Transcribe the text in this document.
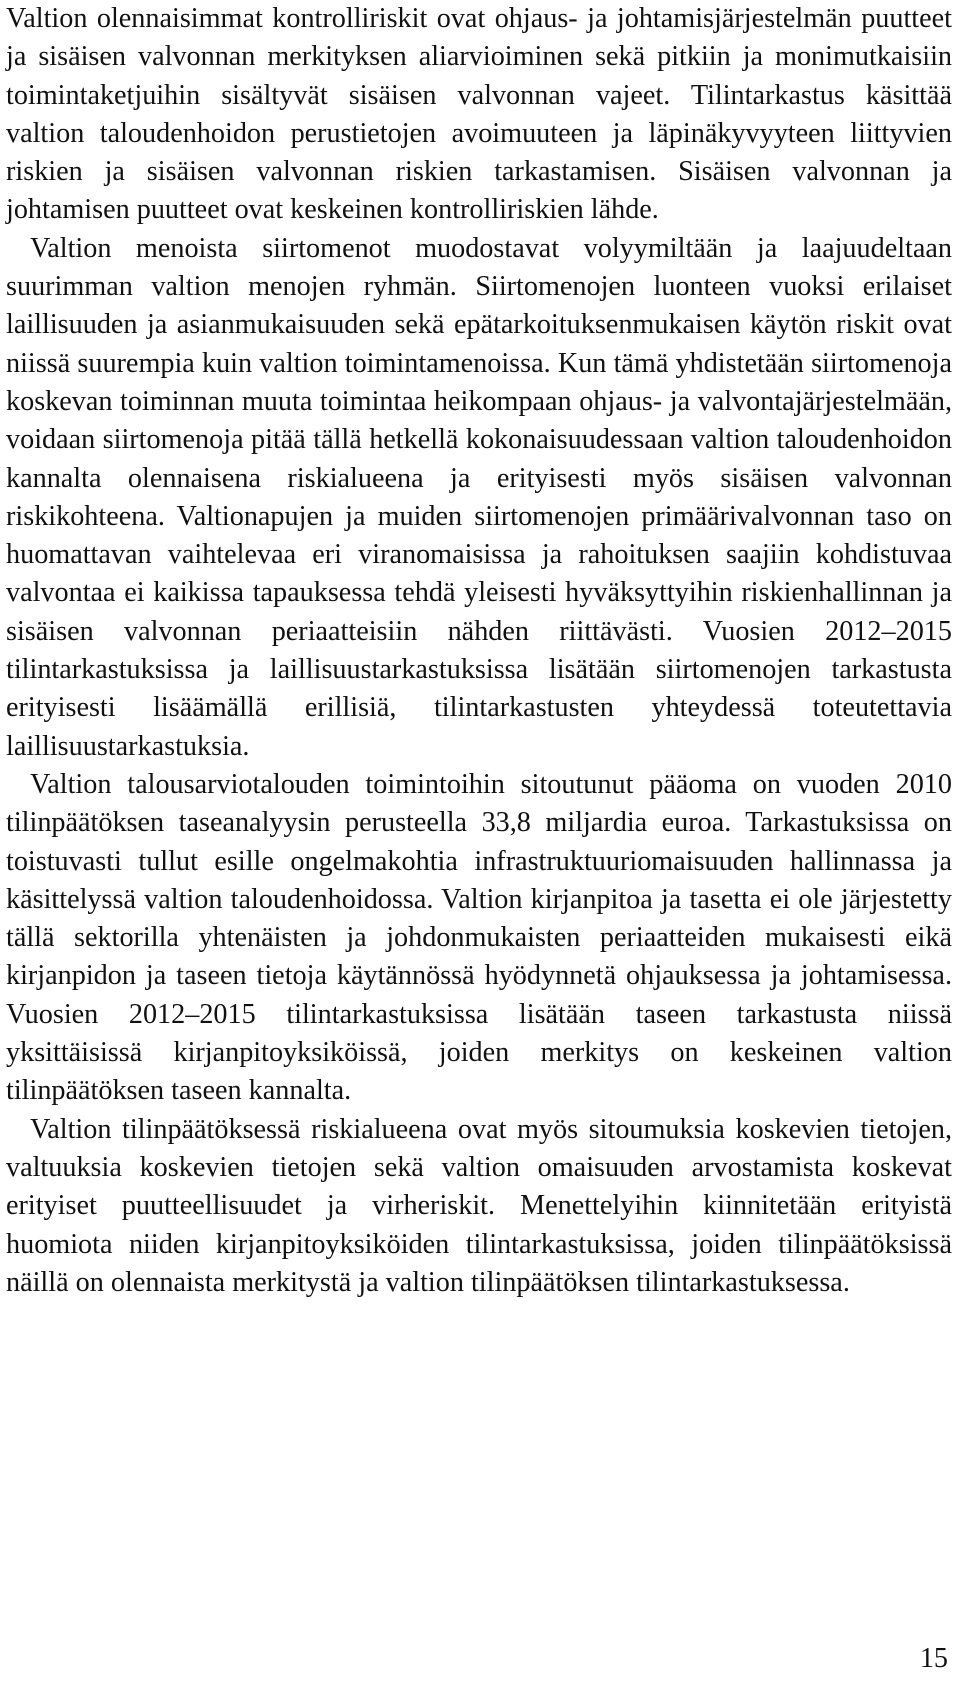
Valtion olennaisimmat kontrolliriskit ovat ohjaus- ja johtamisjärjestelmän puutteet ja sisäisen valvonnan merkityksen aliarvioiminen sekä pitkiin ja monimutkaisiin toimintaketjuihin sisältyvät sisäisen valvonnan vajeet. Tilintarkastus käsittää valtion taloudenhoidon perustietojen avoimuuteen ja läpinäkyvyyteen liittyvien riskien ja sisäisen valvonnan riskien tarkastamisen. Sisäisen valvonnan ja johtamisen puutteet ovat keskeinen kontrolliriskien lähde.

Valtion menoista siirtomenot muodostavat volyymiltään ja laajuudeltaan suurimman valtion menojen ryhmän. Siirtomenojen luonteen vuoksi erilaiset laillisuuden ja asianmukaisuuden sekä epätarkoituksenmukaisen käytön riskit ovat niissä suurempia kuin valtion toimintamenoissa. Kun tämä yhdistetään siirtomenoja koskevan toiminnan muuta toimintaa heikompaan ohjaus- ja valvontajärjestelmään, voidaan siirtomenoja pitää tällä hetkellä kokonaisuudessaan valtion taloudenhoidon kannalta olennaisena riskialueena ja erityisesti myös sisäisen valvonnan riskikohteena. Valtionapujen ja muiden siirtomenojen primäärivalvonnan taso on huomattavan vaihtelevaa eri viranomaisissa ja rahoituksen saajiin kohdistuvaa valvontaa ei kaikissa tapauksessa tehdä yleisesti hyväksyttyihin riskienhallinnan ja sisäisen valvonnan periaatteisiin nähden riittävästi. Vuosien 2012–2015 tilintarkastuksissa ja laillisuustarkastuksissa lisätään siirtomenojen tarkastusta erityisesti lisäämällä erillisiä, tilintarkastusten yhteydessä toteutettavia laillisuustarkastuksia.

Valtion talousarviotalouden toimintoihin sitoutunut pääoma on vuoden 2010 tilinpäätöksen taseanalyysin perusteella 33,8 miljardia euroa. Tarkastuksissa on toistuvasti tullut esille ongelmakohtia infrastruktuuriomaisuuden hallinnassa ja käsittelyssä valtion taloudenhoidossa. Valtion kirjanpitoa ja tasetta ei ole järjestetty tällä sektorilla yhtenäisten ja johdonmukaisten periaatteiden mukaisesti eikä kirjanpidon ja taseen tietoja käytännössä hyödynnetä ohjauksessa ja johtamisessa. Vuosien 2012–2015 tilintarkastuksissa lisätään taseen tarkastusta niissä yksittäisissä kirjanpitoyksiköissä, joiden merkitys on keskeinen valtion tilinpäätöksen taseen kannalta.

Valtion tilinpäätöksessä riskialueena ovat myös sitoumuksia koskevien tietojen, valtuuksia koskevien tietojen sekä valtion omaisuuden arvostamista koskevat erityiset puutteellisuudet ja virheriskit. Menettelyihin kiinnitetään erityistä huomiota niiden kirjanpitoyksiköiden tilintarkastuksissa, joiden tilinpäätöksissä näillä on olennaista merkitystä ja valtion tilinpäätöksen tilintarkastuksessa.

15
